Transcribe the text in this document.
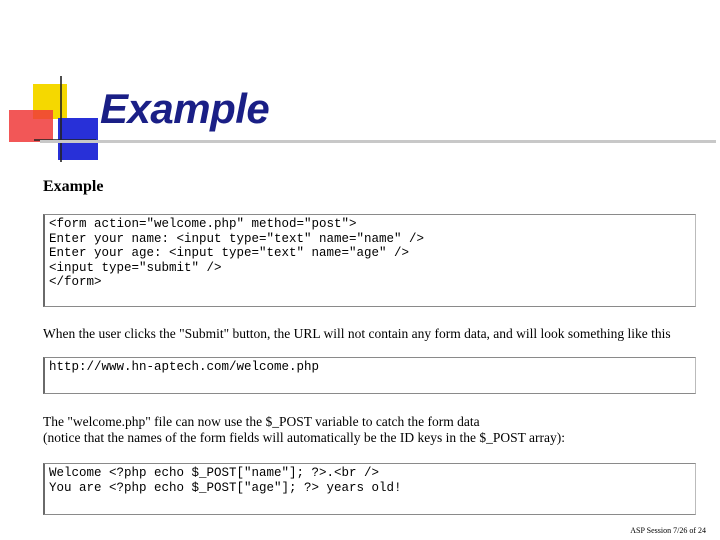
Example
Example
<form action="welcome.php" method="post">
Enter your name: <input type="text" name="name" />
Enter your age: <input type="text" name="age" />
<input type="submit" />
</form>

When the user clicks the "Submit" button, the URL will not contain any form data, and will look something like this

http://www.hn-aptech.com/welcome.php

The "welcome.php" file can now use the $_POST variable to catch the form data
(notice that the names of the form fields will automatically be the ID keys in the $_POST array):

Welcome <?php echo $_POST["name"]; ?>.<br />
You are <?php echo $_POST["age"]; ?> years old!
ASP Session 7/26 of 24
